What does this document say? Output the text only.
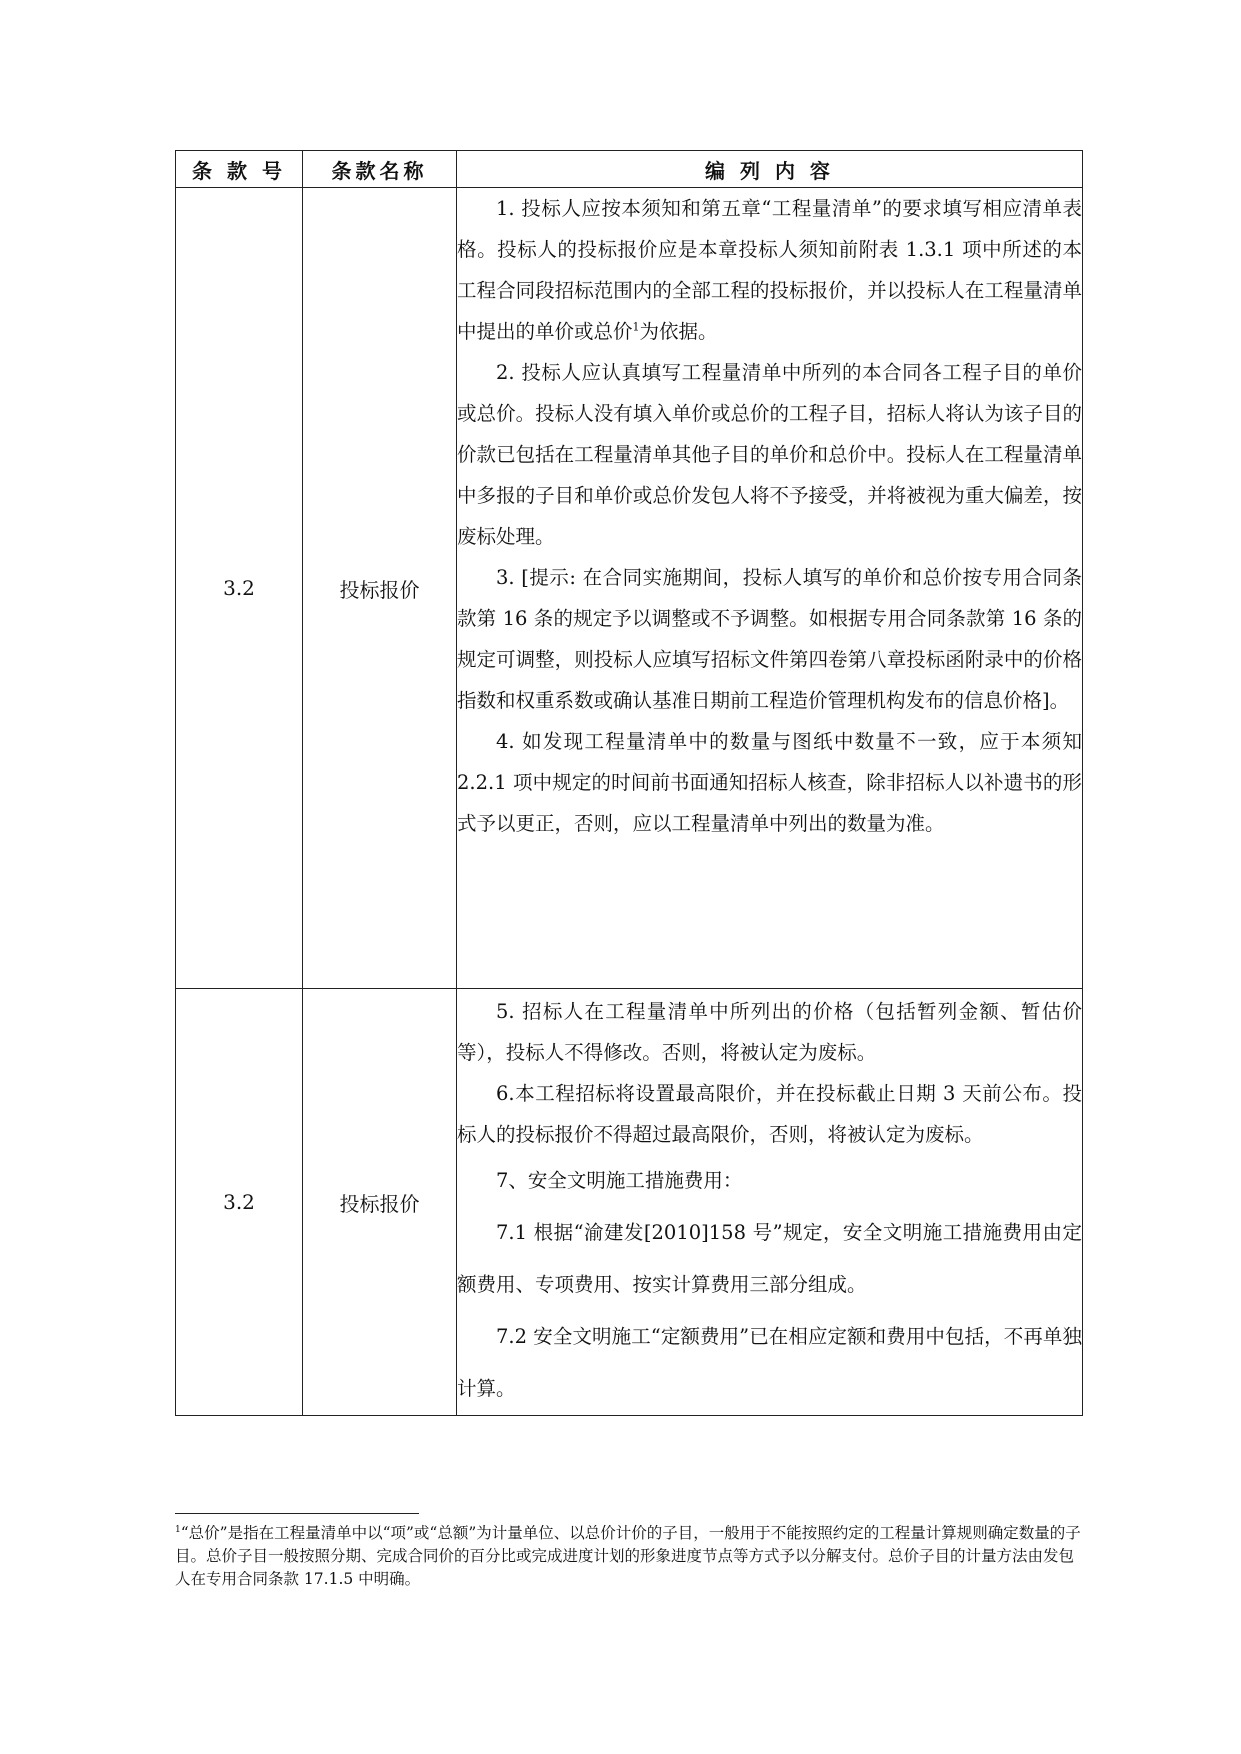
条 款 号	条款名称	编 列 内 容
3.2	投标报价	1. 投标人应按本须知和第五章“工程量清单”的要求填写相应清单表格。投标人的投标报价应是本章投标人须知前附表 1.3.1 项中所述的本工程合同段招标范围内的全部工程的投标报价，并以投标人在工程量清单中提出的单价或总价$^1$为依据。

2. 投标人应认真填写工程量清单中所列的本合同各工程子目的单价或总价。投标人没有填入单价或总价的工程子目，招标人将认为该子目的价款已包括在工程量清单其他子目的单价和总价中。投标人在工程量清单中多报的子目和单价或总价发包人将不予接受，并将被视为重大偏差，按废标处理。

3. [提示: 在合同实施期间，投标人填写的单价和总价按专用合同条款第 16 条的规定予以调整或不予调整。如根据专用合同条款第 16 条的规定可调整，则投标人应填写招标文件第四卷第八章投标函附录中的价格指数和权重系数或确认基准日期前工程造价管理机构发布的信息价格]。

4. 如发现工程量清单中的数量与图纸中数量不一致，应于本须知 2.2.1 项中规定的时间前书面通知招标人核查，除非招标人以补遗书的形式予以更正，否则，应以工程量清单中列出的数量为准。

3.2	投标报价	5. 招标人在工程量清单中所列出的价格（包括暂列金额、暂估价等），投标人不得修改。否则，将被认定为废标。

6.本工程招标将设置最高限价，并在投标截止日期 3 天前公布。投标人的投标报价不得超过最高限价，否则，将被认定为废标。

7、安全文明施工措施费用：

7.1 根据“渝建发[2010]158 号”规定，安全文明施工措施费用由定额费用、专项费用、按实计算费用三部分组成。

7.2 安全文明施工“定额费用”已在相应定额和费用中包括，不再单独计算。

$^1$“总价”是指在工程量清单中以“项”或“总额”为计量单位、以总价计价的子目，一般用于不能按照约定的工程量计算规则确定数量的子目。总价子目一般按照分期、完成合同价的百分比或完成进度计划的形象进度节点等方式予以分解支付。总价子目的计量方法由发包人在专用合同条款 17.1.5 中明确。
